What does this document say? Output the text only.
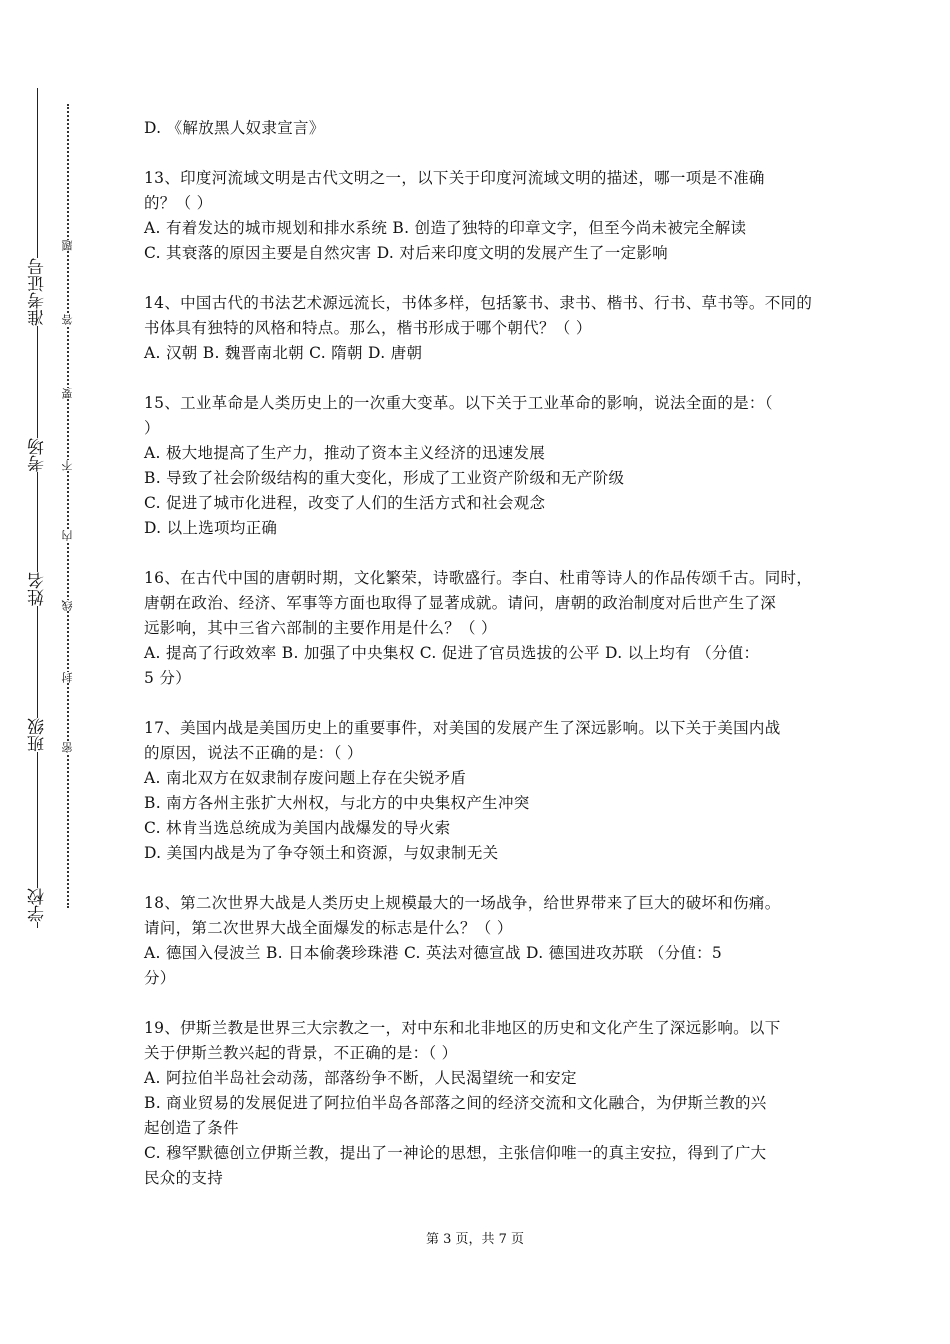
准考证号
考场
姓名
班级
学校
题
答
要
不
内
线
封
密
D. 《解放黑人奴隶宣言》
13、印度河流域文明是古代文明之一，以下关于印度河流域文明的描述，哪一项是不准确
的？（ ）
A. 有着发达的城市规划和排水系统 B. 创造了独特的印章文字，但至今尚未被完全解读
C. 其衰落的原因主要是自然灾害 D. 对后来印度文明的发展产生了一定影响
14、中国古代的书法艺术源远流长，书体多样，包括篆书、隶书、楷书、行书、草书等。不同的
书体具有独特的风格和特点。那么，楷书形成于哪个朝代？（ ）
A. 汉朝 B. 魏晋南北朝 C. 隋朝 D. 唐朝
15、工业革命是人类历史上的一次重大变革。以下关于工业革命的影响，说法全面的是：（
）
A. 极大地提高了生产力，推动了资本主义经济的迅速发展
B. 导致了社会阶级结构的重大变化，形成了工业资产阶级和无产阶级
C. 促进了城市化进程，改变了人们的生活方式和社会观念
D. 以上选项均正确
16、在古代中国的唐朝时期，文化繁荣，诗歌盛行。李白、杜甫等诗人的作品传颂千古。同时，
唐朝在政治、经济、军事等方面也取得了显著成就。请问，唐朝的政治制度对后世产生了深
远影响，其中三省六部制的主要作用是什么？（ ）
A. 提高了行政效率 B. 加强了中央集权 C. 促进了官员选拔的公平 D. 以上均有 （分值：
5 分）
17、美国内战是美国历史上的重要事件，对美国的发展产生了深远影响。以下关于美国内战
的原因，说法不正确的是：（ ）
A. 南北双方在奴隶制存废问题上存在尖锐矛盾
B. 南方各州主张扩大州权，与北方的中央集权产生冲突
C. 林肯当选总统成为美国内战爆发的导火索
D. 美国内战是为了争夺领土和资源，与奴隶制无关
18、第二次世界大战是人类历史上规模最大的一场战争，给世界带来了巨大的破坏和伤痛。
请问，第二次世界大战全面爆发的标志是什么？（ ）
A. 德国入侵波兰 B. 日本偷袭珍珠港 C. 英法对德宣战 D. 德国进攻苏联 （分值：5
分）
19、伊斯兰教是世界三大宗教之一，对中东和北非地区的历史和文化产生了深远影响。以下
关于伊斯兰教兴起的背景，不正确的是：（ ）
A. 阿拉伯半岛社会动荡，部落纷争不断，人民渴望统一和安定
B. 商业贸易的发展促进了阿拉伯半岛各部落之间的经济交流和文化融合，为伊斯兰教的兴
起创造了条件
C. 穆罕默德创立伊斯兰教，提出了一神论的思想，主张信仰唯一的真主安拉，得到了广大
民众的支持
第 3 页，共 7 页
